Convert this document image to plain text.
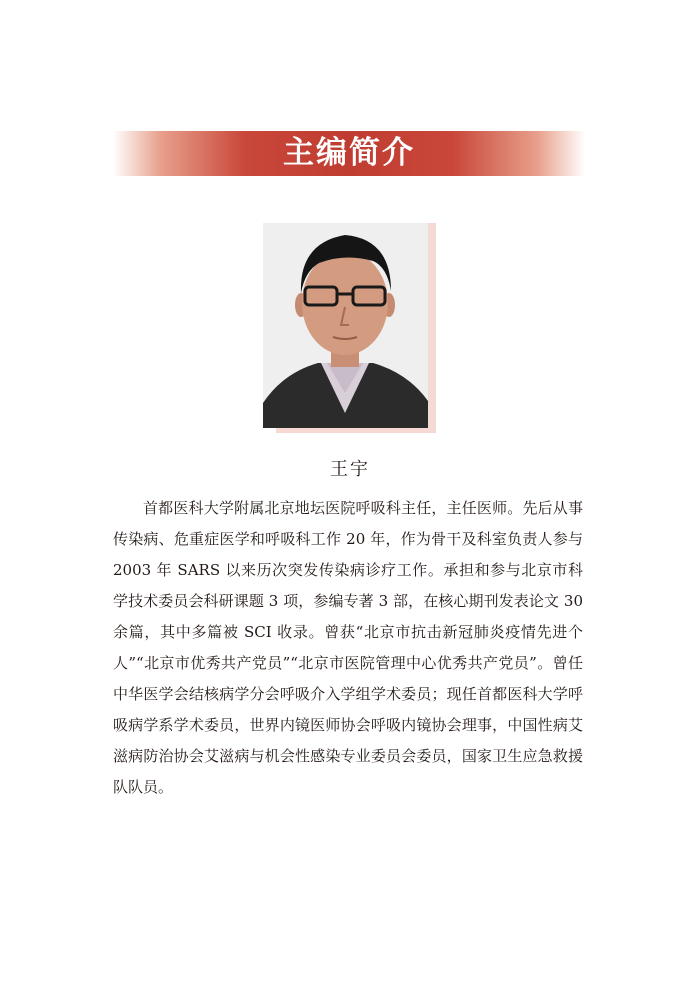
主编简介
王宇

首都医科大学附属北京地坛医院呼吸科主任，主任医师。先后从事传染病、危重症医学和呼吸科工作 20 年，作为骨干及科室负责人参与 2003 年 SARS 以来历次突发传染病诊疗工作。承担和参与北京市科学技术委员会科研课题 3 项，参编专著 3 部，在核心期刊发表论文 30 余篇，其中多篇被 SCI 收录。曾获“北京市抗击新冠肺炎疫情先进个人”“北京市优秀共产党员”“北京市医院管理中心优秀共产党员”。曾任中华医学会结核病学分会呼吸介入学组学术委员；现任首都医科大学呼吸病学系学术委员，世界内镜医师协会呼吸内镜协会理事，中国性病艾滋病防治协会艾滋病与机会性感染专业委员会委员，国家卫生应急救援队队员。
